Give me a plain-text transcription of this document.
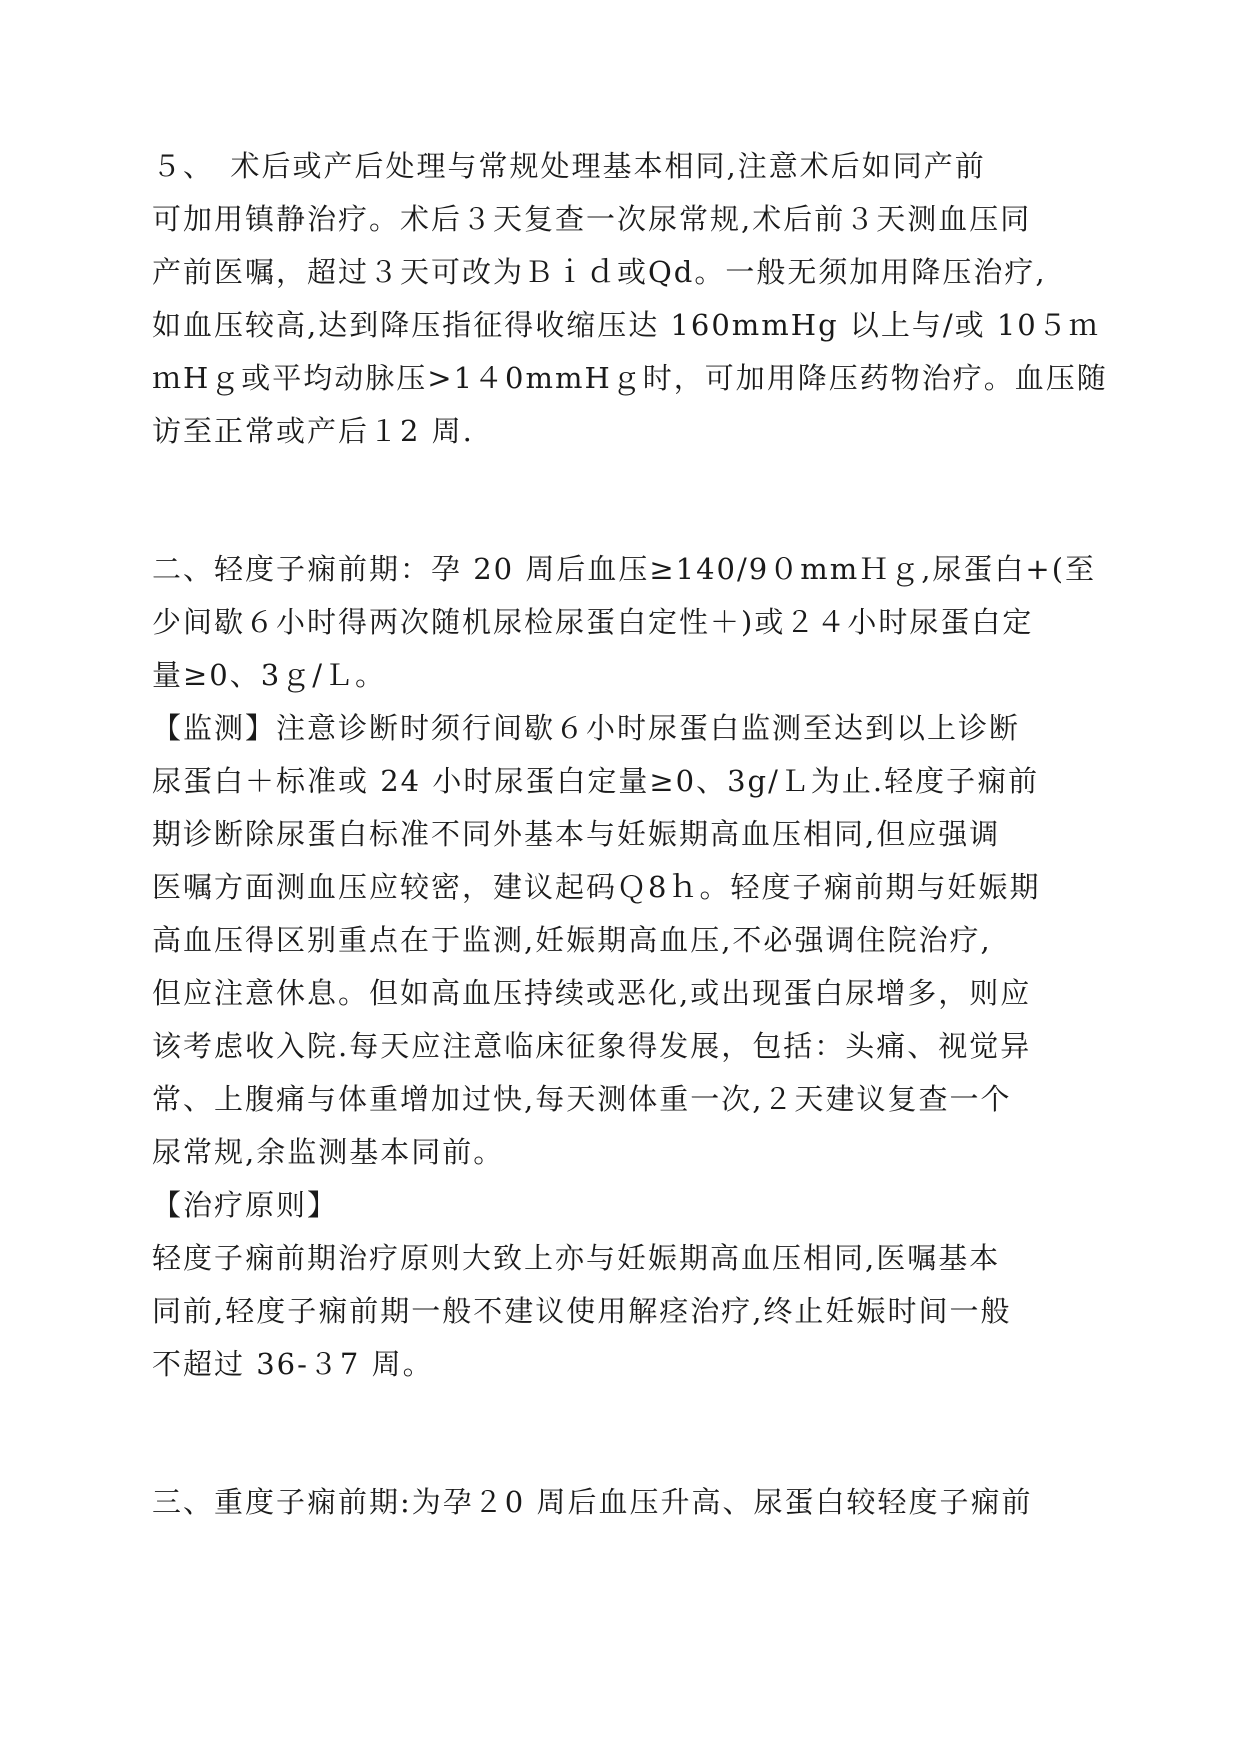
５、　术后或产后处理与常规处理基本相同,注意术后如同产前
可加用镇静治疗。术后３天复查一次尿常规,术后前３天测血压同
产前医嘱，超过３天可改为Ｂｉｄ或Qd。一般无须加用降压治疗,
如血压较高,达到降压指征得收缩压达 160mmHg 以上与/或 10５ｍ
ｍHｇ或平均动脉压>1４0mmHｇ时，可加用降压药物治疗。血压随
访至正常或产后１2 周.
二、轻度子痫前期：孕 20 周后血压≥140/9０mmＨｇ,尿蛋白+(至
少间歇６小时得两次随机尿检尿蛋白定性＋)或２４小时尿蛋白定
量≥0、3ｇ/Ｌ。
【监测】注意诊断时须行间歇６小时尿蛋白监测至达到以上诊断
尿蛋白＋标准或 24 小时尿蛋白定量≥0、3g/Ｌ为止.轻度子痫前
期诊断除尿蛋白标准不同外基本与妊娠期高血压相同,但应强调
医嘱方面测血压应较密，建议起码Ｑ8ｈ。轻度子痫前期与妊娠期
高血压得区别重点在于监测,妊娠期高血压,不必强调住院治疗,
但应注意休息。但如高血压持续或恶化,或出现蛋白尿增多，则应
该考虑收入院.每天应注意临床征象得发展，包括：头痛、视觉异
常、上腹痛与体重增加过快,每天测体重一次,２天建议复查一个
尿常规,余监测基本同前。
【治疗原则】
轻度子痫前期治疗原则大致上亦与妊娠期高血压相同,医嘱基本
同前,轻度子痫前期一般不建议使用解痉治疗,终止妊娠时间一般
不超过 36-３7 周。
三、重度子痫前期:为孕２0 周后血压升高、尿蛋白较轻度子痫前
